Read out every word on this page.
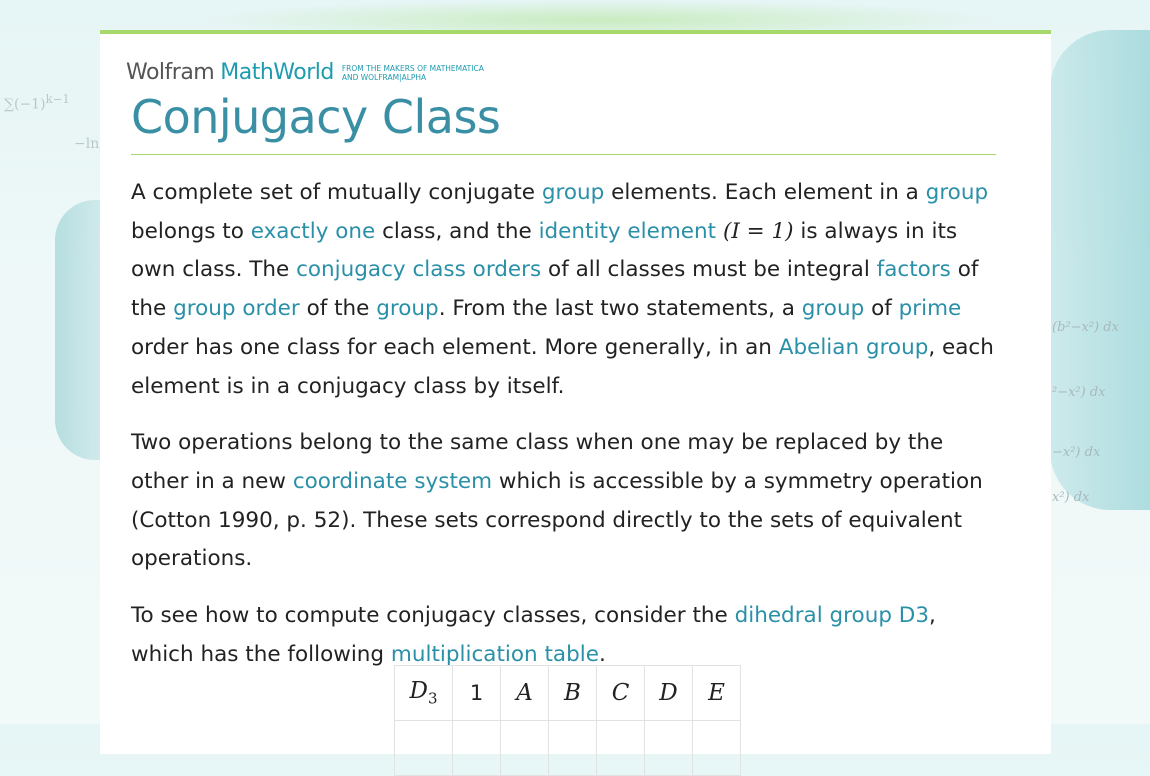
$\sum(-1)^{k-1}$
−ln
(b²−x²) dx
²−x²) dx
−x²) dx
x²) dx
Wolfram MathWorld FROM THE MAKERS OF MATHEMATICA
AND WOLFRAM|ALPHA
Conjugacy Class

A complete set of mutually conjugate group elements. Each element in a group belongs to exactly one class, and the identity element (I = 1) is always in its own class. The conjugacy class orders of all classes must be integral factors of the group order of the group. From the last two statements, a group of prime order has one class for each element. More generally, in an Abelian group, each element is in a conjugacy class by itself.

Two operations belong to the same class when one may be replaced by the other in a new coordinate system which is accessible by a symmetry operation (Cotton 1990, p. 52). These sets correspond directly to the sets of equivalent operations.

To see how to compute conjugacy classes, consider the dihedral group D3, which has the following multiplication table.

$D_3$	1	A	B	C	D	E
